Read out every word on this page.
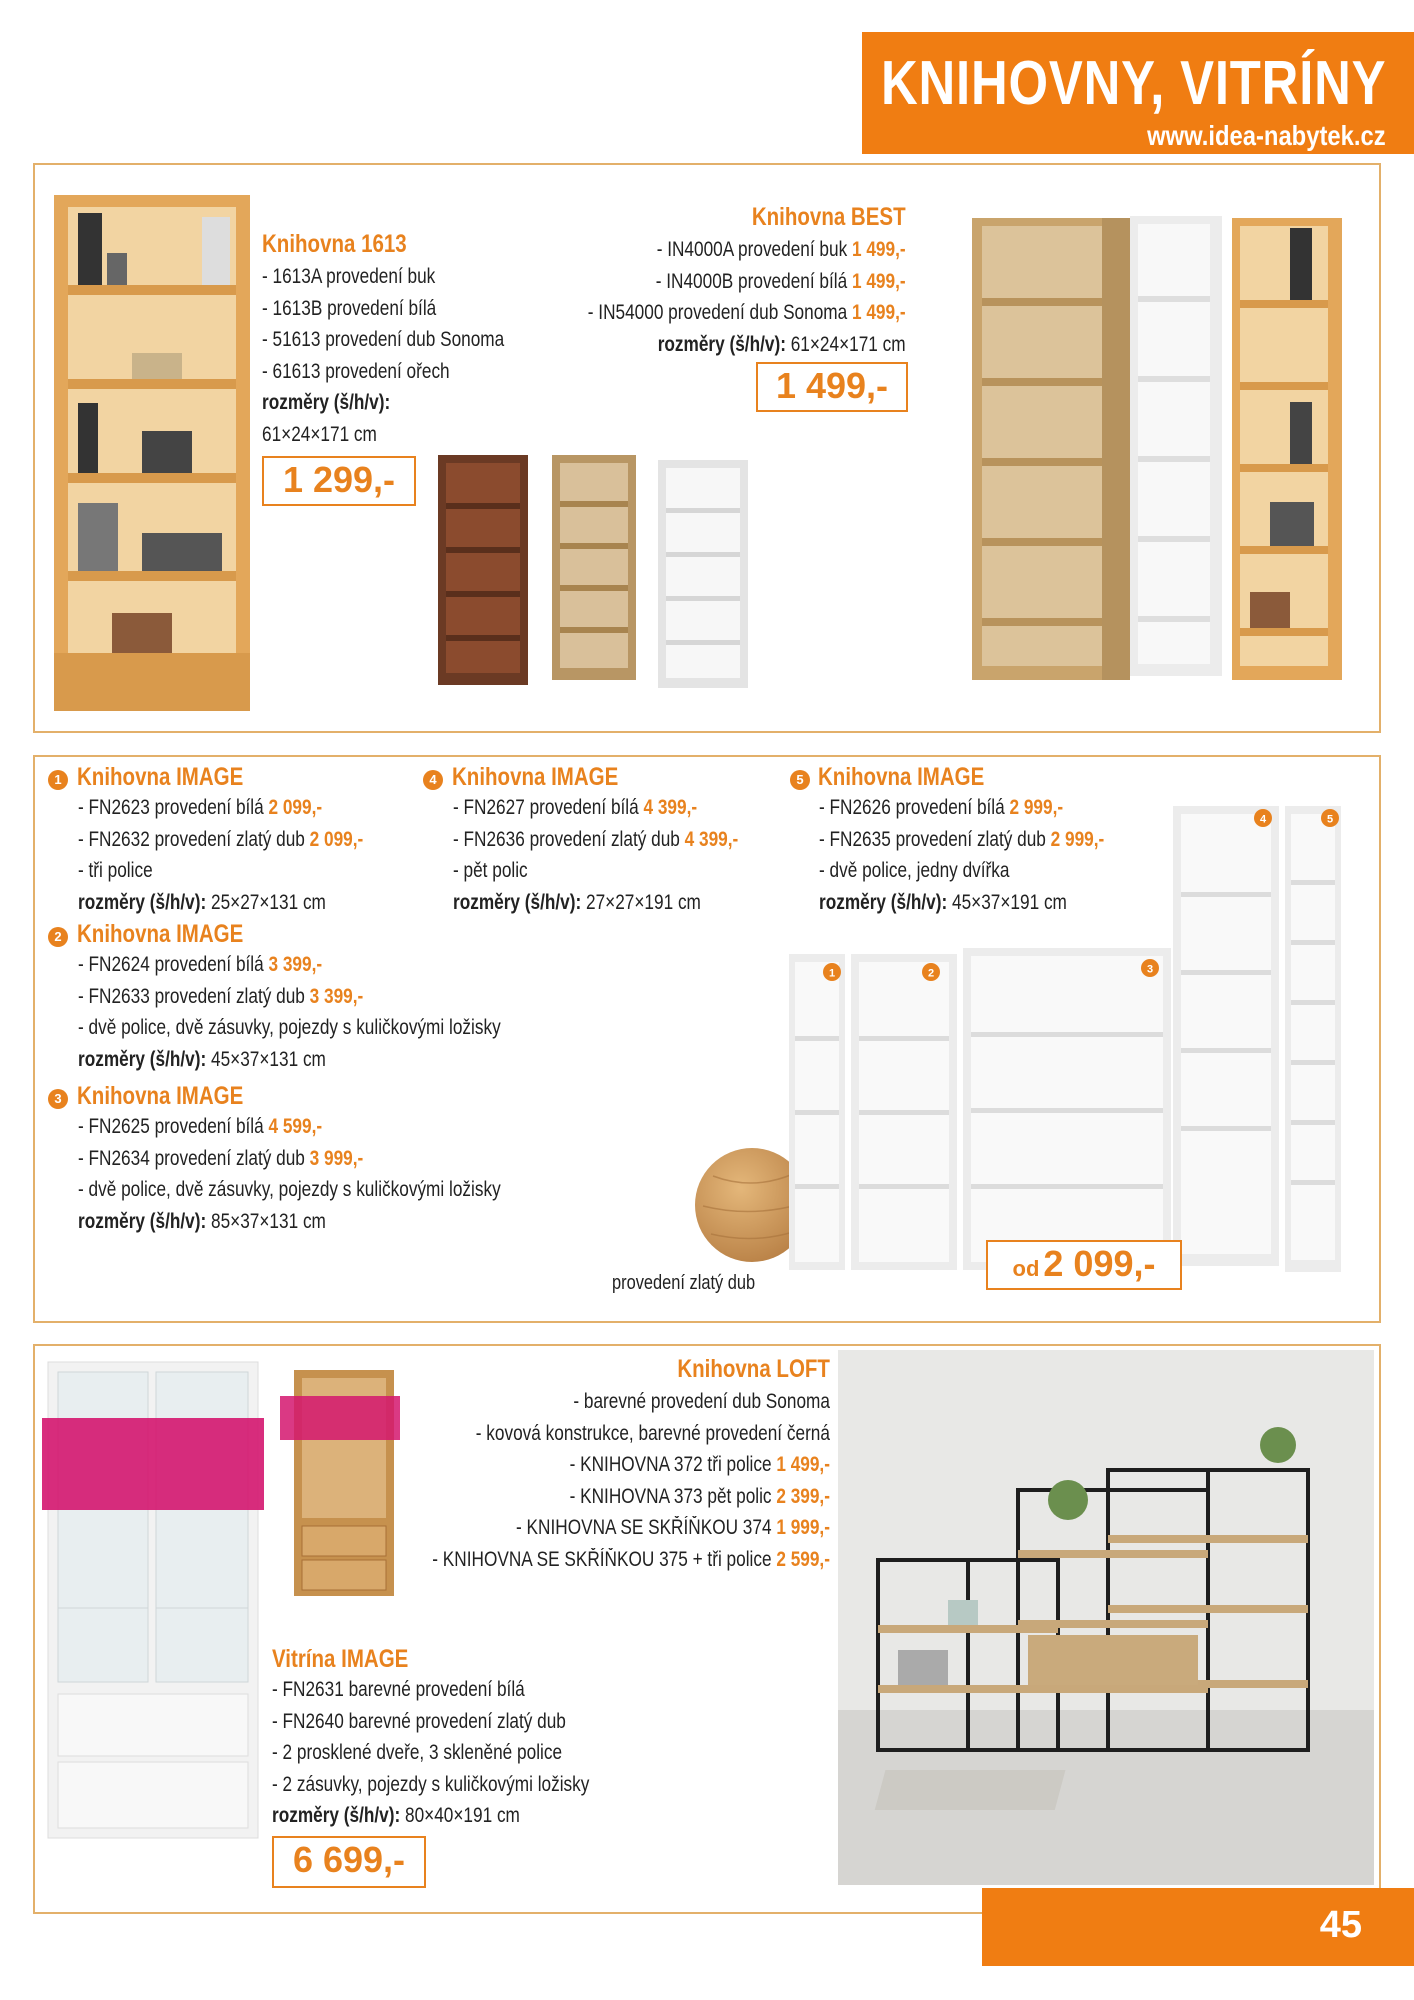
KNIHOVNY, VITRÍNY
www.idea-nabytek.cz
Knihovna 1613
- 1613A provedení buk
- 1613B provedení bílá
- 51613 provedení dub Sonoma
- 61613 provedení ořech
rozměry (š/h/v):
61×24×171 cm
1 299,-
Knihovna BEST
- IN4000A provedení buk 1 499,-
- IN4000B provedení bílá 1 499,-
- IN54000 provedení dub Sonoma 1 499,-
rozměry (š/h/v): 61×24×171 cm
1 499,-
1 Knihovna IMAGE
- FN2623 provedení bílá 2 099,-
- FN2632 provedení zlatý dub 2 099,-
- tři police
rozměry (š/h/v): 25×27×131 cm
2 Knihovna IMAGE
- FN2624 provedení bílá 3 399,-
- FN2633 provedení zlatý dub 3 399,-
- dvě police, dvě zásuvky, pojezdy s kuličkovými ložisky
rozměry (š/h/v): 45×37×131 cm
3 Knihovna IMAGE
- FN2625 provedení bílá 4 599,-
- FN2634 provedení zlatý dub 3 999,-
- dvě police, dvě zásuvky, pojezdy s kuličkovými ložisky
rozměry (š/h/v): 85×37×131 cm
4 Knihovna IMAGE
- FN2627 provedení bílá 4 399,-
- FN2636 provedení zlatý dub 4 399,-
- pět polic
rozměry (š/h/v): 27×27×191 cm
5 Knihovna IMAGE
- FN2626 provedení bílá 2 999,-
- FN2635 provedení zlatý dub 2 999,-
- dvě police, jedny dvířka
rozměry (š/h/v): 45×37×191 cm
provedení zlatý dub
1	2	3
4	5
od 2 099,-
Knihovna LOFT
- barevné provedení dub Sonoma
- kovová konstrukce, barevné provedení černá
- KNIHOVNA 372 tři police 1 499,-
- KNIHOVNA 373 pět polic 2 399,-
- KNIHOVNA SE SKŘÍŇKOU 374 1 999,-
- KNIHOVNA SE SKŘÍŇKOU 375 + tři police 2 599,-
Vitrína IMAGE
- FN2631 barevné provedení bílá
- FN2640 barevné provedení zlatý dub
- 2 prosklené dveře, 3 skleněné police
- 2 zásuvky, pojezdy s kuličkovými ložisky
rozměry (š/h/v): 80×40×191 cm
6 699,-
45
